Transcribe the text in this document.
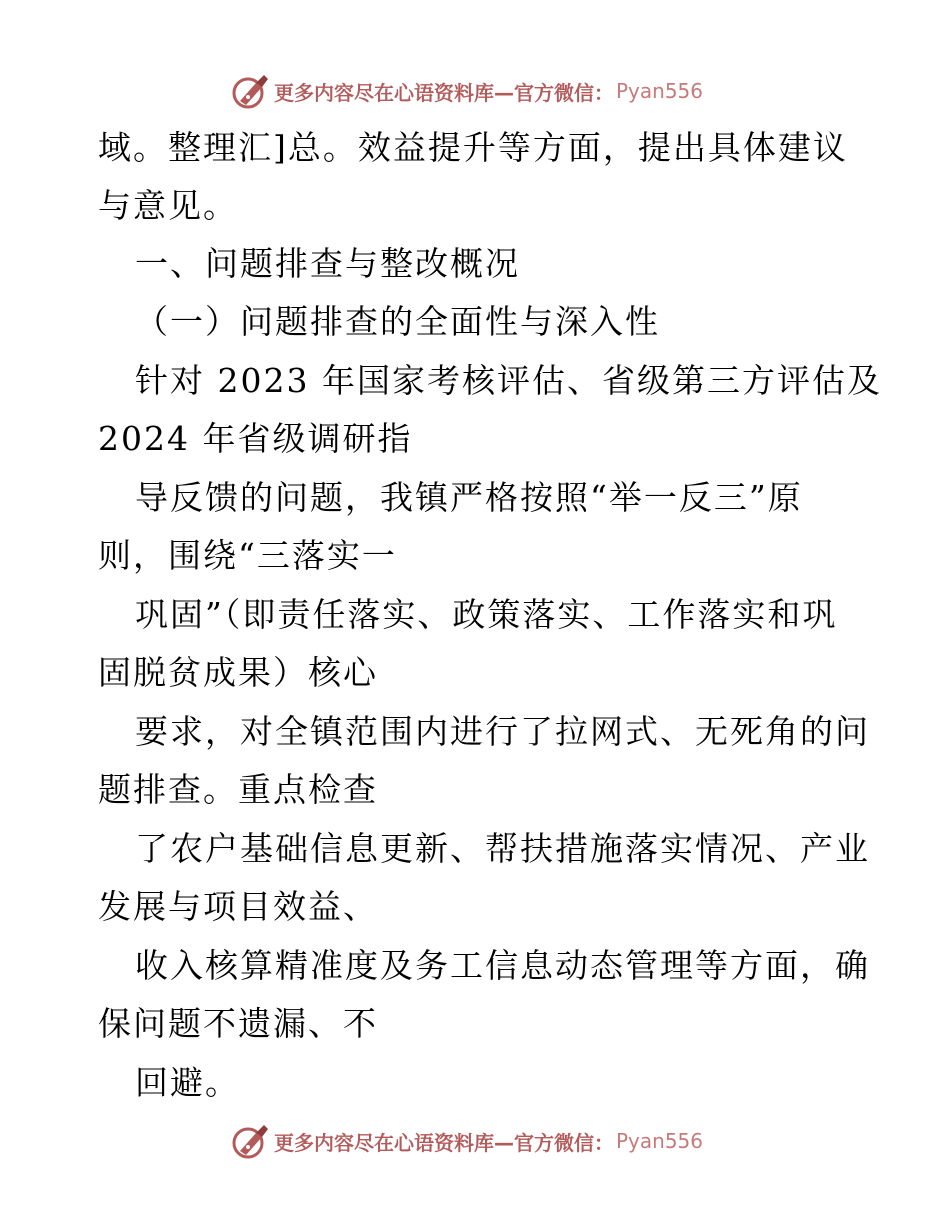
更多内容尽在心语资料库—官方微信： Pyan556
域。整理汇]总。效益提升等方面，提出具体建议
与意见。
一、问题排查与整改概况
（一）问题排查的全面性与深入性
针对 2023 年国家考核评估、省级第三方评估及
2024 年省级调研指
导反馈的问题，我镇严格按照“举一反三”原
则，围绕“三落实一
巩固”（即责任落实、政策落实、工作落实和巩
固脱贫成果）核心
要求，对全镇范围内进行了拉网式、无死角的问
题排查。重点检查
了农户基础信息更新、帮扶措施落实情况、产业
发展与项目效益、
收入核算精准度及务工信息动态管理等方面，确
保问题不遗漏、不
回避。
更多内容尽在心语资料库—官方微信： Pyan556
